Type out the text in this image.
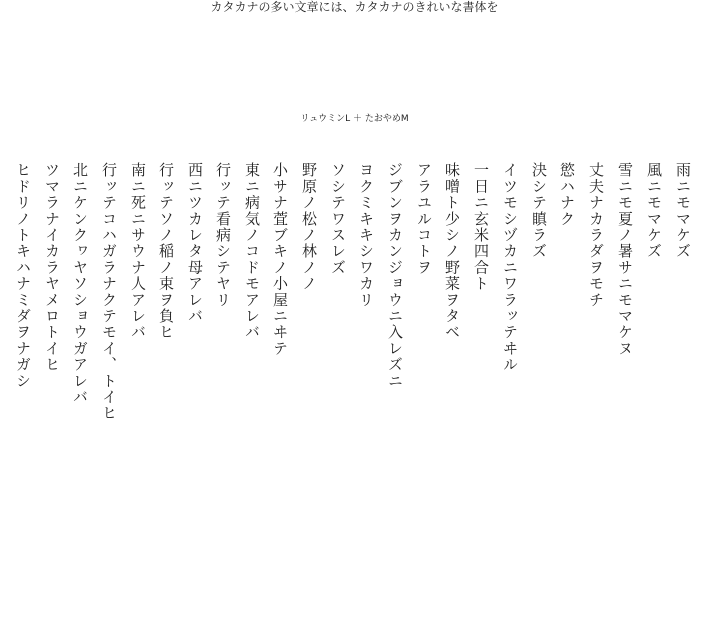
カタカナの多い文章には、カタカナのきれいな書体を
リュウミンL ＋ たおやめM
雨ニモマケズ
風ニモマケズ
雪ニモ夏ノ暑サニモマケヌ
丈夫ナカラダヲモチ
慾ハナク
決シテ瞋ラズ
イツモシヅカニワラッテヰル
一日ニ玄米四合ト
味噌ト少シノ野菜ヲタベ
アラユルコトヲ
ジブンヲカンジョウニ入レズニ
ヨクミキキシワカリ
ソシテワスレズ
野原ノ松ノ林ノノ
小サナ萓ブキノ小屋ニヰテ
東ニ病気ノコドモアレバ
行ッテ看病シテヤリ
西ニツカレタ母アレバ
行ッテソノ稲ノ束ヲ負ヒ
南ニ死ニサウナ人アレバ
行ッテコハガラナクテモイ、トイヒ
北ニケンクヮヤソショウガアレバ
ツマラナイカラヤメロトイヒ
ヒドリノトキハナミダヲナガシ
